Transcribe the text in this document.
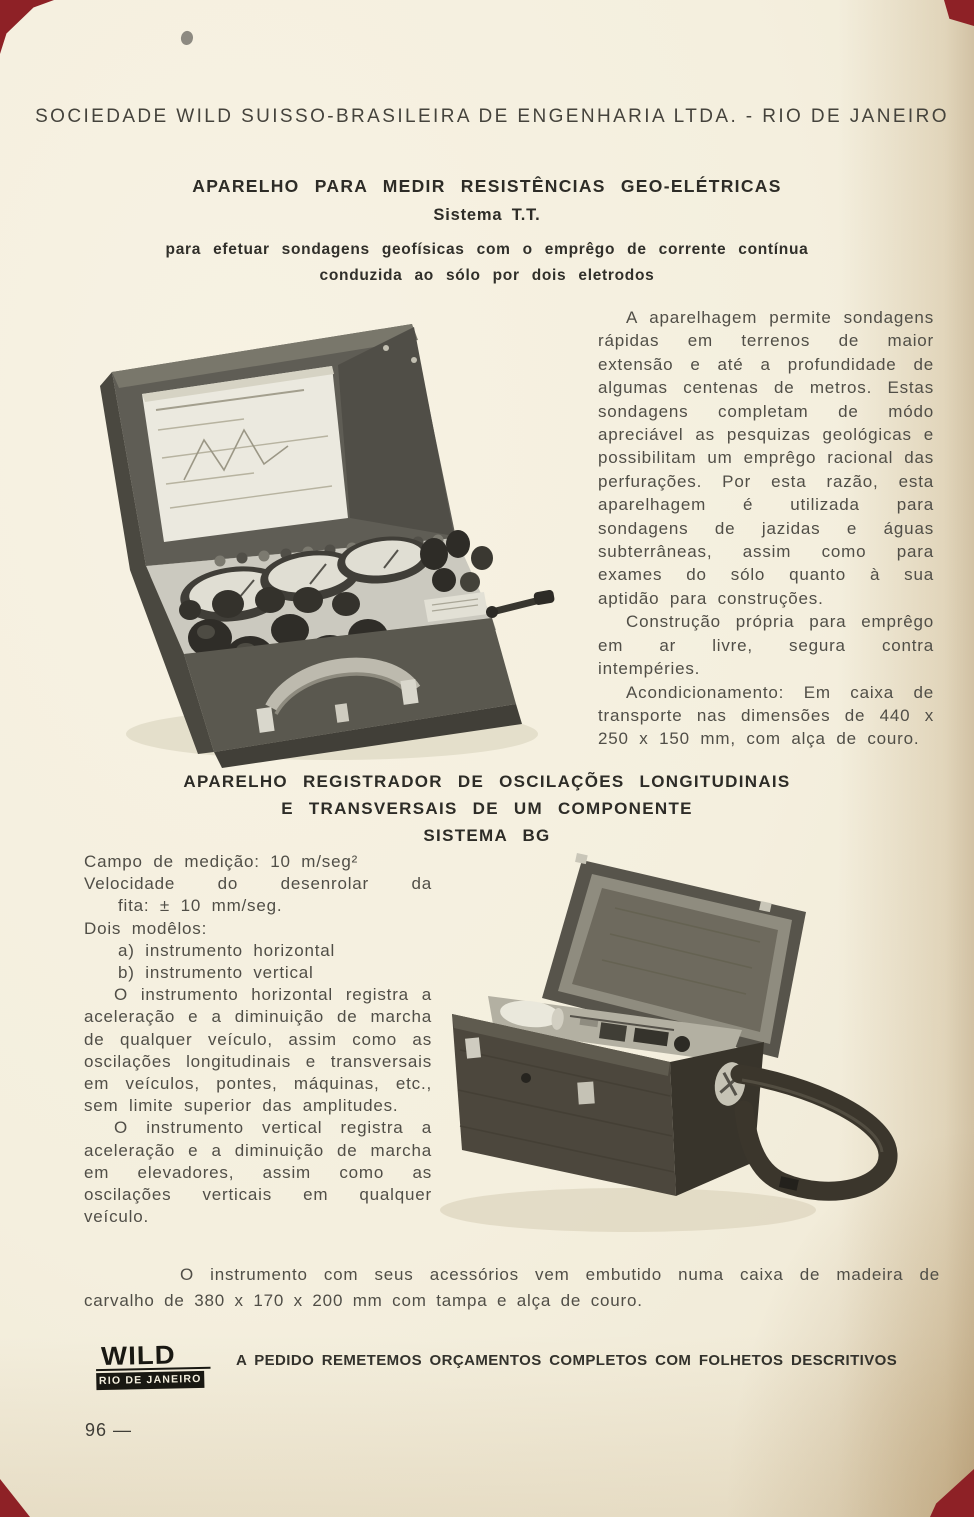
SOCIEDADE WILD SUISSO-BRASILEIRA DE ENGENHARIA LTDA. - RIO DE JANEIRO
APARELHO PARA MEDIR RESISTÊNCIAS GEO-ELÉTRICAS
Sistema T.T.
para efetuar sondagens geofísicas com o emprêgo de corrente contínua
conduzida ao sólo por dois eletrodos

A aparelhagem permite sondagens rápidas em terrenos de maior extensão e até a profundidade de algumas centenas de metros. Estas sondagens completam de módo apreciável as pesquizas geológicas e possibilitam um emprêgo racional das perfurações. Por esta razão, esta aparelhagem é utilizada para sondagens de jazidas e águas subterrâneas, assim como para exames do sólo quanto à sua aptidão para construções.

Construção própria para emprêgo em ar livre, segura contra intempéries.

Acondicionamento: Em caixa de transporte nas dimensões de 440 x 250 x 150 mm, com alça de couro.

APARELHO REGISTRADOR DE OSCILAÇÕES LONGITUDINAIS
E TRANSVERSAIS DE UM COMPONENTE
SISTEMA BG
Campo de medição: 10 m/seg²
Velocidade do desenrolar da
fita: ± 10 mm/seg.
Dois modêlos:
a) instrumento horizontal
b) instrumento vertical

O instrumento horizontal registra a aceleração e a diminuição de marcha de qualquer veículo, assim como as oscilações longitudinais e transversais em veículos, pontes, máquinas, etc., sem limite superior das amplitudes.

O instrumento vertical registra a aceleração e a diminuição de marcha em elevadores, assim como as oscilações verticais em qualquer veículo.

O instrumento com seus acessórios vem embutido numa caixa de madeira de carvalho de 380 x 170 x 200 mm com tampa e alça de couro.

WILD
RIO DE JANEIRO
A PEDIDO REMETEMOS ORÇAMENTOS COMPLETOS COM FOLHETOS DESCRITIVOS
96 —
